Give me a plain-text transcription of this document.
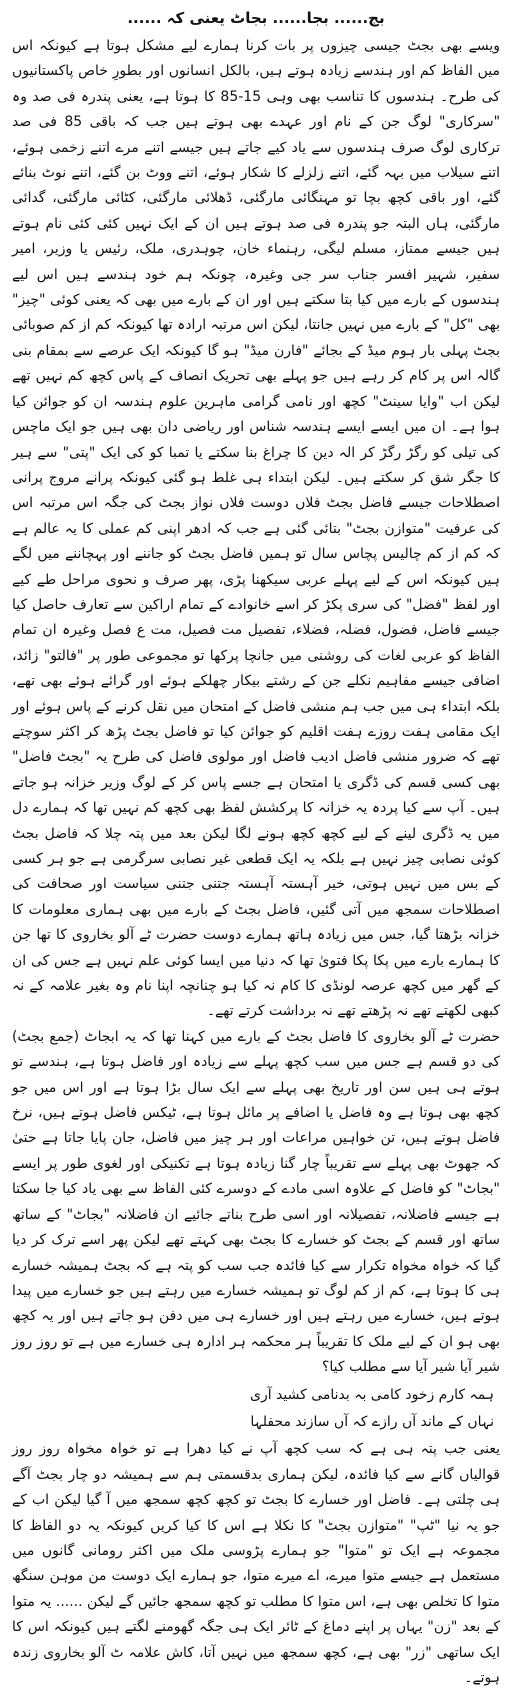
بج...... بجا...... بجاٹ یعنی کہ ......

ویسے بھی بجٹ جیسی چیزوں پر بات کرنا ہمارے لیے مشکل ہوتا ہے کیونکہ اس میں الفاظ کم اور ہندسے زیادہ ہوتے ہیں، بالکل انسانوں اور بطورِ خاص پاکستانیوں کی طرح۔ ہندسوں کا تناسب بھی وہی 15-85 کا ہوتا ہے، یعنی پندرہ فی صد وہ "سرکاری" لوگ جن کے نام اور عہدے بھی ہوتے ہیں جب کہ باقی 85 فی صد ترکاری لوگ صرف ہندسوں سے یاد کیے جاتے ہیں جیسے اتنے مرے اتنے زخمی ہوئے، اتنے سیلاب میں بہہ گئے، اتنے زلزلے کا شکار ہوئے، اتنے ووٹ بن گئے، اتنے نوٹ بنائے گئے، اور باقی کچھ بچا تو مہنگائی مارگئی، ڈھلائی مارگئی، کٹائی مارگئی، گدائی مارگئی، ہاں البتہ جو پندرہ فی صد ہوتے ہیں ان کے ایک نہیں کئی کئی نام ہوتے ہیں جیسے ممتاز، مسلم لیگی، رہنماء خان، چوہدری، ملک، رئیس یا وزیر، امیر سفیر، شہیر افسر جناب سر جی وغیرہ، چونکہ ہم خود ہندسے ہیں اس لیے ہندسوں کے بارے میں کیا بتا سکتے ہیں اور ان کے بارے میں بھی کہ یعنی کوئی "چیز" بھی "کل" کے بارے میں نہیں جانتا، لیکن اس مرتبہ ارادہ تھا کیونکہ کم از کم صوبائی بجٹ پہلی بار ہوم میڈ کے بجائے "فارن میڈ" ہو گا کیونکہ ایک عرصے سے بمقام بنی گالہ اس پر کام کر رہے ہیں جو پہلے بھی تحریک انصاف کے پاس کچھ کم نہیں تھے لیکن اب "وایا سینٹ" کچھ اور نامی گرامی ماہرین علوم ہندسہ ان کو جوائن کیا ہوا ہے۔ ان میں ایسے ایسے ہندسہ شناس اور ریاضی دان بھی ہیں جو ایک ماچس کی تیلی کو رگڑ رگڑ کر الہ دین کا چراغ بنا سکتے یا تمبا کو کی ایک "پتی" سے ہیر کا جگر شق کر سکتے ہیں۔ لیکن ابتداء ہی غلط ہو گئی کیونکہ پرانے مروج پرانی اصطلاحات جیسے فاضل بجٹ فلاں دوست فلاں نواز بجٹ کی جگہ اس مرتبہ اس کی عرفیت "متوازن بجٹ" بتائی گئی ہے جب کہ ادھر اپنی کم عملی کا یہ عالم ہے کہ کم از کم چالیس پچاس سال تو ہمیں فاضل بجٹ کو جاننے اور پہچاننے میں لگے ہیں کیونکہ اس کے لیے پہلے عربی سیکھنا پڑی، پھر صرف و نحوی مراحل طے کیے اور لفظ "فضل" کی سری پکڑ کر اسے خانوادے کے تمام اراکین سے تعارف حاصل کیا جیسے فاضل، فضول، فضلہ، فضلاء، تفصیل مت فصیل، مت ع فصل وغیرہ ان تمام الفاظ کو عربی لغات کی روشنی میں جانچا پرکھا تو مجموعی طور پر "فالتو" زائد، اضافی جیسے مفاہیم نکلے جن کے رشتے بیکار چھلکے ہوئے اور گرائے ہوئے بھی تھے، بلکہ ابتداء ہی میں جب ہم منشی فاضل کے امتحان میں نقل کرنے کے پاس ہوئے اور ایک مقامی ہفت روزے ہفت اقلیم کو جوائن کیا تو فاضل بجٹ پڑھ کر اکثر سوچتے تھے کہ ضرور منشی فاضل ادیب فاضل اور مولوی فاضل کی طرح یہ "بجٹ فاضل" بھی کسی قسم کی ڈگری یا امتحان ہے جسے پاس کر کے لوگ وزیر خزانہ ہو جاتے ہیں۔ آپ سے کیا پردہ یہ خزانہ کا پرکشش لفظ بھی کچھ کم نہیں تھا کہ ہمارے دل میں یہ ڈگری لینے کے لیے کچھ کچھ ہونے لگا لیکن بعد میں پتہ چلا کہ فاضل بجٹ کوئی نصابی چیز نہیں ہے بلکہ یہ ایک قطعی غیر نصابی سرگرمی ہے جو ہر کسی کے بس میں نہیں ہوتی، خیر آہستہ آہستہ جتنی جتنی سیاست اور صحافت کی اصطلاحات سمجھ میں آتی گئیں، فاضل بجٹ کے بارے میں بھی ہماری معلومات کا خزانہ بڑھتا گیا، جس میں زیادہ ہاتھ ہمارے دوست حضرت ٹے آلو بخاروی کا تھا جن کا ہمارے بارے میں پکا پکا فتویٰ تھا کہ دنیا میں ایسا کوئی علم نہیں ہے جس کی ان کے گھر میں کچھ عرصہ لونڈی کا کام نہ کیا ہو چنانچہ اپنا نام وہ بغیر علامہ کے نہ کبھی لکھتے تھے نہ پڑھتے تھے نہ برداشت کرتے تھے۔

حضرت ٹے آلو بخاروی کا فاضل بجٹ کے بارے میں کہنا تھا کہ یہ ابجاٹ (جمع بجٹ) کی دو قسم ہے جس میں سب کچھ پہلے سے زیادہ اور فاضل ہوتا ہے، ہندسے تو ہوتے ہی ہیں سن اور تاریخ بھی پہلے سے ایک سال بڑا ہوتا ہے اور اس میں جو کچھ بھی ہوتا ہے وہ فاضل یا اضافے پر مائل ہوتا ہے، ٹیکس فاضل ہوتے ہیں، نرخ فاضل ہوتے ہیں، تن خواہیں مراعات اور ہر چیز میں فاضل، جان پایا جاتا ہے حتیٰ کہ جھوٹ بھی پہلے سے تقریباً چار گنا زیادہ ہوتا ہے تکنیکی اور لغوی طور پر ایسے "بجاٹ" کو فاضل کے علاوہ اسی مادے کے دوسرے کئی الفاظ سے بھی یاد کیا جا سکتا ہے جیسے فاضلانہ، تفصیلانہ اور اسی طرح بناتے جائیے ان فاضلانہ "بجاٹ" کے ساتھ ساتھ اور قسم کے بجٹ کو خسارے کا بجٹ بھی کہتے تھے لیکن پھر اسے ترک کر دیا گیا کہ خواہ مخواہ تکرار سے کیا فائدہ جب سب کو پتہ ہے کہ بجٹ ہمیشہ خسارے ہی کا ہوتا ہے، کم از کم لوگ تو ہمیشہ خسارے میں رہتے ہیں جو خسارے میں پیدا ہوتے ہیں، خسارے میں رہتے ہیں اور خسارے ہی میں دفن ہو جاتے ہیں اور یہ کچھ بھی ہو ان کے لیے ملک کا تقریباً ہر محکمہ ہر ادارہ ہی خسارے میں ہے تو روز روز شیر آیا شیر آیا سے مطلب کیا؟

ہمہ کارم زخود کامی بہ بدنامی کشید آری

نہاں کے ماند آں رازے کہ آں سازند محفلہا

یعنی جب پتہ ہی ہے کہ سب کچھ آپ نے کیا دھرا ہے تو خواہ مخواہ روز روز قوالیاں گانے سے کیا فائدہ، لیکن ہماری بدقسمتی ہم سے ہمیشہ دو چار بجٹ آگے ہی چلتی ہے۔ فاضل اور خسارے کا بجٹ تو کچھ کچھ سمجھ میں آ گیا لیکن اب کے جو یہ نیا "ٹپ" "متوازن بجٹ" کا نکلا ہے اس کا کیا کریں کیونکہ یہ دو الفاظ کا مجموعہ ہے ایک تو "متوا" جو ہمارے پڑوسی ملک میں اکثر رومانی گانوں میں مستعمل ہے جیسے متوا میرے، اے میرے متوا، جو ہمارے ایک دوست من موہن سنگھ متوا کا تخلص بھی ہے، اس متوا کا مطلب تو کچھ سمجھ جائیں گے لیکن ...... یہ متوا کے بعد "زن" یہاں پر اپنے دماغ کے ٹائر ایک ہی جگہ گھومنے لگتے ہیں کیونکہ اس کا ایک ساتھی "زر" بھی ہے، کچھ سمجھ میں نہیں آتا، کاش علامہ ٹ آلو بخاروی زندہ ہوتے۔
